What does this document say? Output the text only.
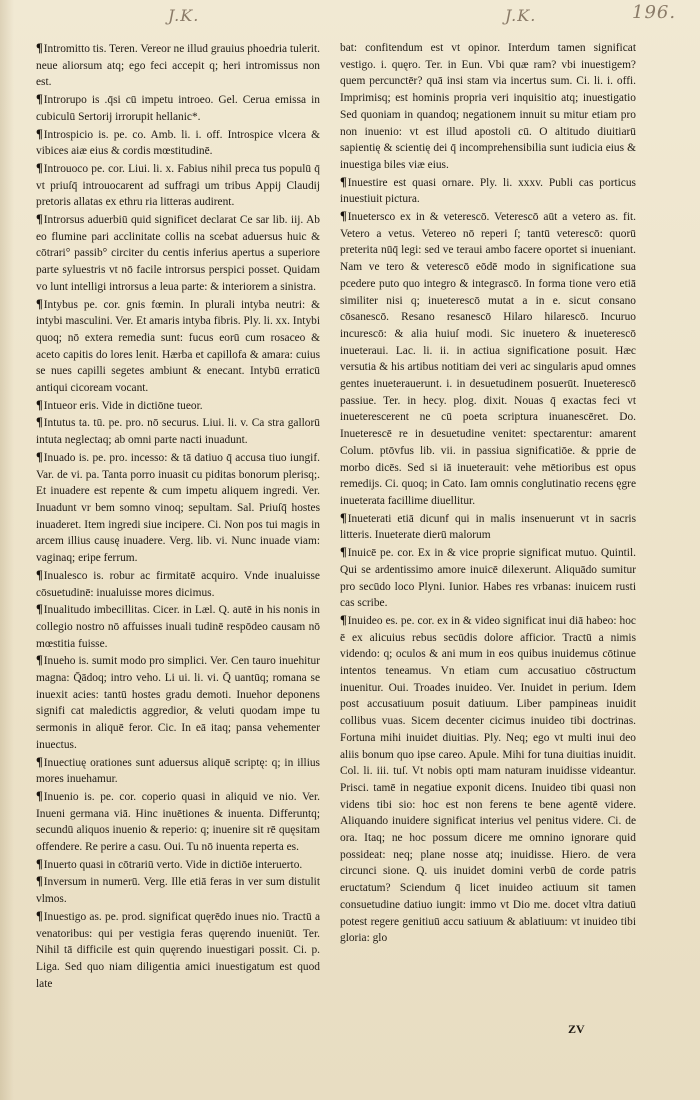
J.K.	J.K.	196.

¶Intromitto tis. Teren. Vereor ne illud grauius phoedria tulerit. neue aliorsum atq; ego feci accepit q; heri intromissus non est.

¶Introrupo is .q̄si cū impetu introeo. Gel. Cerua emissa in cubiculū Sertorij irrorupit hellanic*.

¶Introspicio is. pe. co. Amb. li. i. off. Introspice vlcera & vibices aiæ eius & cordis mœstitudinē.

¶Introuoco pe. cor. Liui. li. x. Fabius nihil preca tus populū q̄ vt priuſq̄ introuocarent ad suffragi um tribus Appij Claudij pretoris allatas ex ethru ria litteras audirent.

¶Introrsus aduerbiū quid significet declarat Ce sar lib. iij. Ab eo flumine pari acclinitate collis na scebat aduersus huic & cōtrari° passib° circiter du centis inferius apertus a superiore parte syluestris vt nō facile introrsus perspici posset. Quidam vo lunt intelligi introrsus a leua parte: & interiorem a sinistra.

¶Intybus pe. cor. gnis fœmin. In plurali intyba neutri: & intybi masculini. Ver. Et amaris intyba fibris. Ply. li. xx. Intybi quoq; nō extera remedia sunt: fucus eorū cum rosaceo & aceto capitis do lores lenit. Hærba et capillofa & amara: cuius se nues capilli segetes ambiunt & enecant. Intybū erraticū antiqui cicoream vocant.

¶Intueor eris. Vide in dictiōne tueor.

¶Intutus ta. tū. pe. pro. nō securus. Liui. li. v. Ca stra gallorū intuta neglectaq; ab omni parte nacti inuadunt.

¶Inuado is. pe. pro. incesso: & tā datiuo q̄ accusa tiuo iungif. Var. de vi. pa. Tanta porro inuasit cu piditas bonorum plerisq;. Et inuadere est repente & cum impetu aliquem ingredi. Ver. Inuadunt vr bem somno vinoq; sepultam. Sal. Priuſq̄ hostes inuaderet. Item ingredi siue incipere. Ci. Non pos tui magis in arcem illius causę inuadere. Verg. lib. vi. Nunc inuade viam: vaginaq; eripe ferrum.

¶Inualesco is. robur ac firmitatē acquiro. Vnde inualuisse cōsuetudinē: inualuisse mores dicimus.

¶Inualitudo imbecillitas. Cicer. in Læl. Q. autē in his nonis in collegio nostro nō affuisses inuali tudinē respōdeo causam nō mœstitia fuisse.

¶Inueho is. sumit modo pro simplici. Ver. Cen tauro inuehitur magna: Q̄ādoq; intro veho. Li ui. li. vi. Q̄ uantūq; romana se inuexit acies: tantū hostes gradu demoti. Inuehor deponens signifi cat maledictis aggredior, & veluti quodam impe tu sermonis in aliquē feror. Cic. In eā itaq; pansa vehementer inuectus.

¶Inuectiuę orationes sunt aduersus aliquē scriptę: q; in illius mores inuehamur.

¶Inuenio is. pe. cor. coperio quasi in aliquid ve nio. Ver. Inueni germana viā. Hinc inuētiones & inuenta. Differuntq; secundū aliquos inuenio & reperio: q; inuenire sit rē quęsitam offendere. Re perire a casu. Oui. Tu nō inuenta reperta es.

¶Inuerto quasi in cōtrariū verto. Vide in dictiōe interuerto.

¶Inversum in numerū. Verg. Ille etiā feras in ver sum distulit vlmos.

¶Inuestigo as. pe. prod. significat quęrēdo inues nio. Tractū a venatoribus: qui per vestigia feras quęrendo inueniūt. Ter. Nihil tā difficile est quin quęrendo inuestigari possit. Ci. p. Liga. Sed quo niam diligentia amici inuestigatum est quod late

bat: confitendum est vt opinor. Interdum tamen significat vestigo. i. quęro. Ter. in Eun. Vbi quæ ram? vbi inuestigem? quem percunctēr? quā insi stam via incertus sum. Ci. li. i. offi. Imprimisq; est hominis propria veri inquisitio atq; inuestigatio Sed quoniam in quandoq; negationem innuit su mitur etiam pro non inuenio: vt est illud apostoli cū. O altitudo diuitiarū sapientię & scientię dei q̄ incomprehensibilia sunt iudicia eius & inuestiga biles viæ eius.

¶Inuestire est quasi ornare. Ply. li. xxxv. Publi cas porticus inuestiuit pictura.

¶Inuetersco ex in & veterescō. Veterescō aūt a vetero as. fit. Vetero a vetus. Vetereo nō reperi ſ; tantū veterescō: quorū preterita nūq̄ legi: sed ve teraui ambo facere oportet si inueniant. Nam ve tero & veterescō eōdē modo in significatione sua pcedere puto quo integro & integrascō. In forma tione vero etiā similiter nisi q; inueterescō mutat a in e. sicut consano cōsanescō. Resano resanescō Hilaro hilarescō. Incuruo incurescō: & alia huiuſ modi. Sic inuetero & inueterescō inueteraui. Lac. li. ii. in actiua significatione posuit. Hæc versutia & his artibus notitiam dei veri ac singularis apud omnes gentes inueterauerunt. i. in desuetudinem posuerūt. Inueterescō passiue. Ter. in hecy. plog. dixit. Nouas q̄ exactas feci vt inueterescerent ne cū poeta scriptura inuanescēret. Do. Inueterescē re in desuetudine venitet: spectarentur: amarent Colum. ptōvfus lib. vii. in passiua significatiōe. & pprie de morbo dicēs. Sed si iā inueterauit: vehe mētioribus est opus remedijs. Ci. quoq; in Cato. Iam omnis conglutinatio recens ęgre inueterata facillime diuellitur.

¶Inueterati etiā dicunf qui in malis insenuerunt vt in sacris litteris. Inueterate dierū malorum

¶Inuicē pe. cor. Ex in & vice proprie significat mutuo. Quintil. Qui se ardentissimo amore inuicē dilexerunt. Aliquādo sumitur pro secūdo loco Plyni. Iunior. Habes res vrbanas: inuicem rusti cas scribe.

¶Inuideo es. pe. cor. ex in & video significat inui diā habeo: hoc ē ex alicuius rebus secūdis dolore afficior. Tractū a nimis videndo: q; oculos & ani mum in eos quibus inuidemus cōtinue intentos teneamus. Vn etiam cum accusatiuo cōstructum inuenitur. Oui. Troades inuideo. Ver. Inuidet in perium. Idem post accusatiuum posuit datiuum. Liber pampineas inuidit collibus vuas. Sicem decenter cicimus inuideo tibi doctrinas. Fortuna mihi inuidet diuitias. Ply. Neq; ego vt multi inui deo aliis bonum quo ipse careo. Apule. Mihi for tuna diuitias inuidit. Col. li. iii. tuſ. Vt nobis opti mam naturam inuidisse videantur. Prisci. tamē in negatiue exponit dicens. Inuideo tibi quasi non videns tibi sio: hoc est non ferens te bene agentē videre. Aliquando inuidere significat interius vel penitus videre. Ci. de ora. Itaq; ne hoc possum dicere me omnino ignorare quid possideat: neq; plane nosse atq; inuidisse. Hiero. de vera circunci sione. Q. uis inuidet domini verbū de corde patris eructatum? Sciendum q̄ licet inuideo actiuum sit tamen consuetudine datiuo iungit: immo vt Dio me. docet vltra datiuū potest regere genitiuū accu satiuum & ablatiuum: vt inuideo tibi gloria: glo

ZV
